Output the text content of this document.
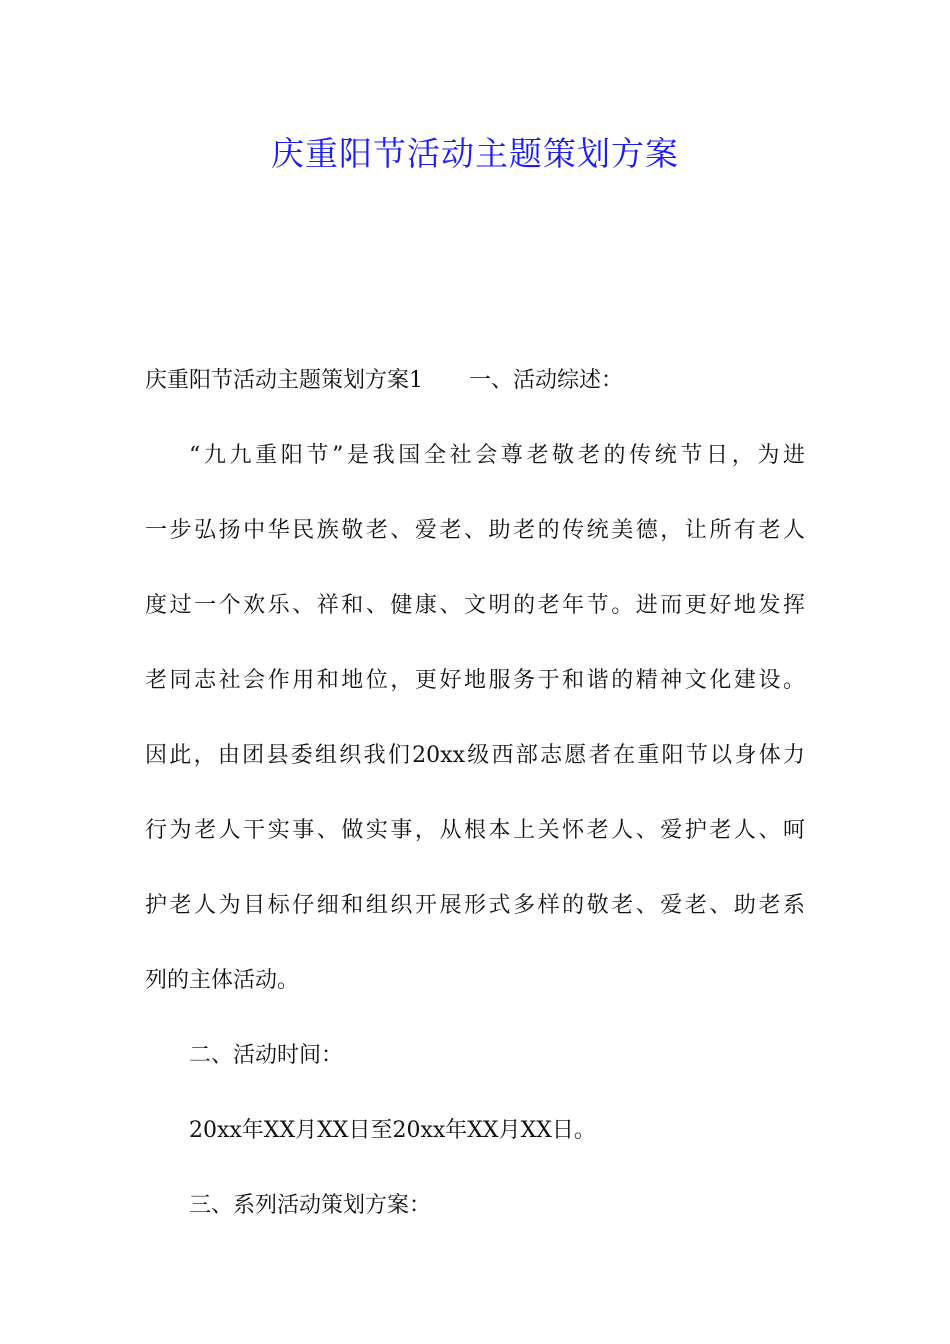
庆重阳节活动主题策划方案

庆重阳节活动主题策划方案1 一、活动综述：

“九九重阳节”是我国全社会尊老敬老的传统节日，为进
一步弘扬中华民族敬老、爱老、助老的传统美德，让所有老人
度过一个欢乐、祥和、健康、文明的老年节。进而更好地发挥
老同志社会作用和地位，更好地服务于和谐的精神文化建设。
因此，由团县委组织我们20xx级西部志愿者在重阳节以身体力
行为老人干实事、做实事，从根本上关怀老人、爱护老人、呵
护老人为目标仔细和组织开展形式多样的敬老、爱老、助老系
列的主体活动。

二、活动时间：

20xx年XX月XX日至20xx年XX月XX日。

三、系列活动策划方案：
